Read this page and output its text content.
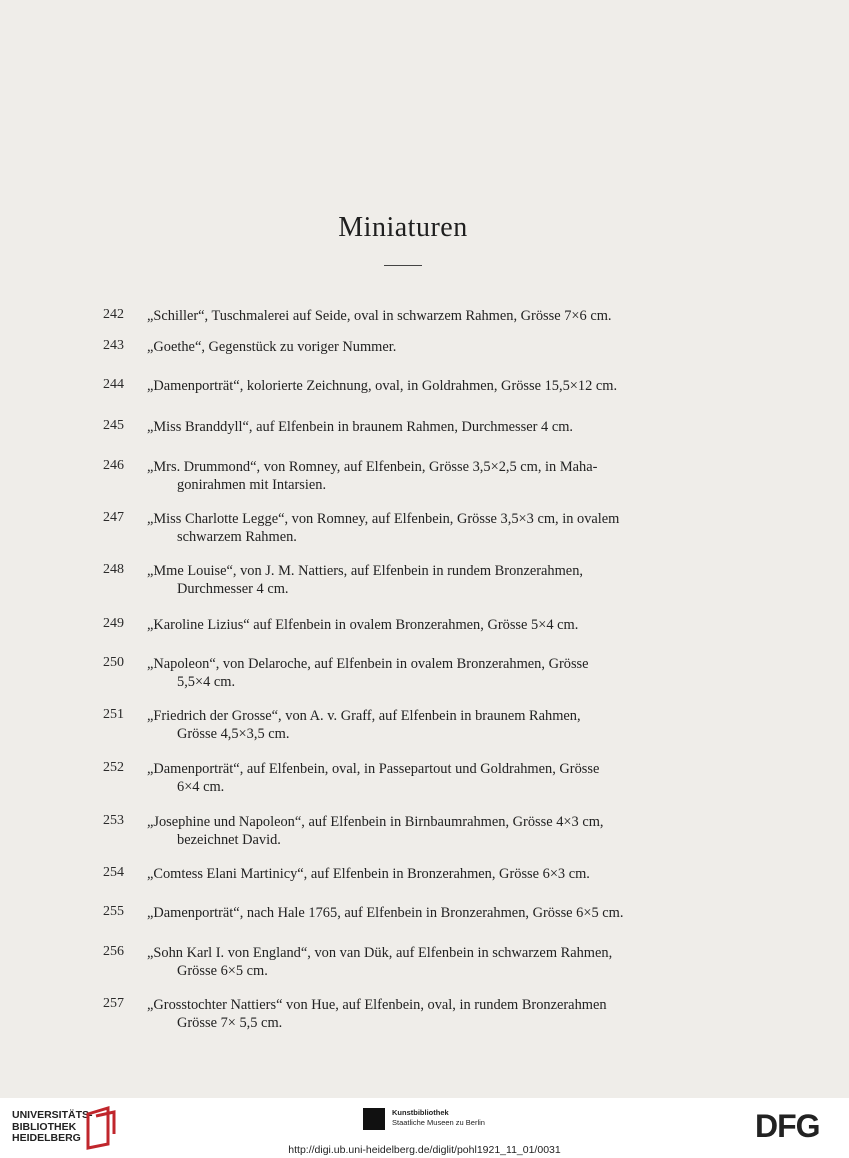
Miniaturen
242	„Schiller“, Tuschmalerei auf Seide, oval in schwarzem Rahmen, Grösse 7×6 cm.
243	„Goethe“, Gegenstück zu voriger Nummer.
244	„Damenporträt“, kolorierte Zeichnung, oval, in Goldrahmen, Grösse 15,5×12 cm.
245	„Miss Branddyll“, auf Elfenbein in braunem Rahmen, Durchmesser 4 cm.
246	„Mrs. Drummond“, von Romney, auf Elfenbein, Grösse 3,5×2,5 cm, in Maha-
gonirahmen mit Intarsien.
247	„Miss Charlotte Legge“, von Romney, auf Elfenbein, Grösse 3,5×3 cm, in ovalem
schwarzem Rahmen.
248	„Mme Louise“, von J. M. Nattiers, auf Elfenbein in rundem Bronzerahmen,
Durchmesser 4 cm.
249	„Karoline Lizius“ auf Elfenbein in ovalem Bronzerahmen, Grösse 5×4 cm.
250	„Napoleon“, von Delaroche, auf Elfenbein in ovalem Bronzerahmen, Grösse
5,5×4 cm.
251	„Friedrich der Grosse“, von A. v. Graff, auf Elfenbein in braunem Rahmen,
Grösse 4,5×3,5 cm.
252	„Damenporträt“, auf Elfenbein, oval, in Passepartout und Goldrahmen, Grösse
6×4 cm.
253	„Josephine und Napoleon“, auf Elfenbein in Birnbaumrahmen, Grösse 4×3 cm,
bezeichnet David.
254	„Comtess Elani Martinicy“, auf Elfenbein in Bronzerahmen, Grösse 6×3 cm.
255	„Damenporträt“, nach Hale 1765, auf Elfenbein in Bronzerahmen, Grösse 6×5 cm.
256	„Sohn Karl I. von England“, von van Dük, auf Elfenbein in schwarzem Rahmen,
Grösse 6×5 cm.
257	„Grosstochter Nattiers“ von Hue, auf Elfenbein, oval, in rundem Bronzerahmen
Grösse 7× 5,5 cm.
UNIVERSITÄTS-
BIBLIOTHEK
HEIDELBERG
Kunstbibliothek
Staatliche Museen zu Berlin	DFG
http://digi.ub.uni-heidelberg.de/diglit/pohl1921_11_01/0031
